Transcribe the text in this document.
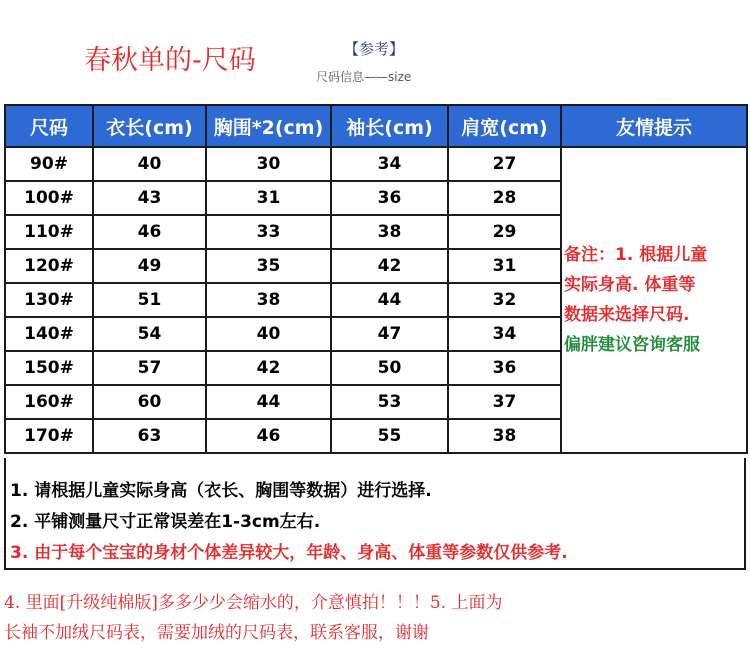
春秋单的-尺码	【参考】
尺码信息——size
尺码	衣长(cm)	胸围*2(cm)	袖长(cm)	肩宽(cm)	友情提示
90#	40	30	34	27	备注：1. 根据儿童
实际身高. 体重等
数据来选择尺码.
偏胖建议咨询客服

100#	43	31	36	28	
110#	46	33	38	29	
120#	49	35	42	31	
130#	51	38	44	32	
140#	54	40	47	34	
150#	57	42	50	36	
160#	60	44	53	37	
170#	63	46	55	38	
1. 请根据儿童实际身高（衣长、胸围等数据）进行选择.
2. 平铺测量尺寸正常误差在1-3cm左右.
3. 由于每个宝宝的身材个体差异较大，年龄、身高、体重等参数仅供参考.
4. 里面[升级纯棉版]多多少少会缩水的，介意慎拍！！！5. 上面为
长袖不加绒尺码表，需要加绒的尺码表，联系客服，谢谢
